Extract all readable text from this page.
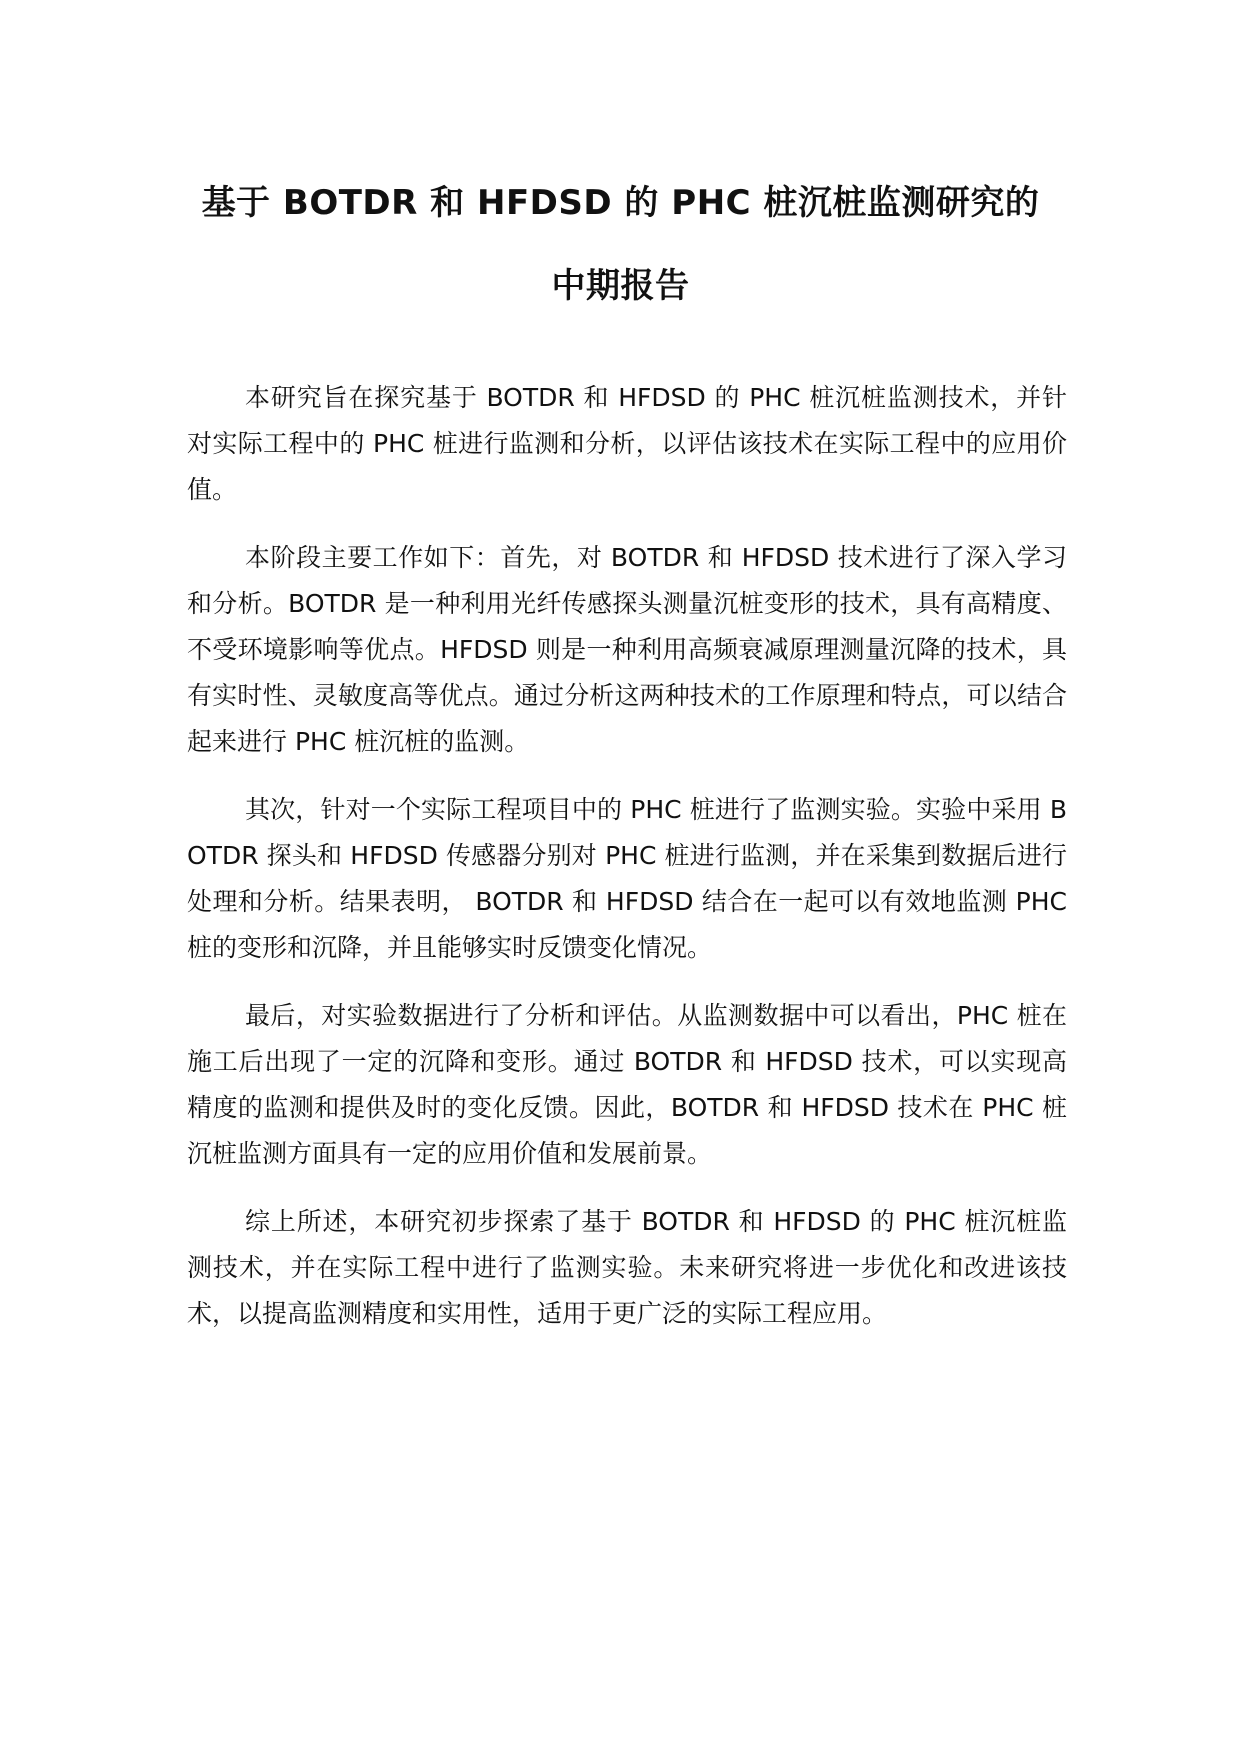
基于 BOTDR 和 HFDSD 的 PHC 桩沉桩监测研究的
中期报告

本研究旨在探究基于 BOTDR 和 HFDSD 的 PHC 桩沉桩监测技术，并针对实际工程中的 PHC 桩进行监测和分析，以评估该技术在实际工程中的应用价值。

本阶段主要工作如下：首先，对 BOTDR 和 HFDSD 技术进行了深入学习和分析。BOTDR 是一种利用光纤传感探头测量沉桩变形的技术，具有高精度、不受环境影响等优点。HFDSD 则是一种利用高频衰减原理测量沉降的技术，具有实时性、灵敏度高等优点。通过分析这两种技术的工作原理和特点，可以结合起来进行 PHC 桩沉桩的监测。

其次，针对一个实际工程项目中的 PHC 桩进行了监测实验。实验中采用 BOTDR 探头和 HFDSD 传感器分别对 PHC 桩进行监测，并在采集到数据后进行处理和分析。结果表明， BOTDR 和 HFDSD 结合在一起可以有效地监测 PHC 桩的变形和沉降，并且能够实时反馈变化情况。

最后，对实验数据进行了分析和评估。从监测数据中可以看出，PHC 桩在施工后出现了一定的沉降和变形。通过 BOTDR 和 HFDSD 技术，可以实现高精度的监测和提供及时的变化反馈。因此，BOTDR 和 HFDSD 技术在 PHC 桩沉桩监测方面具有一定的应用价值和发展前景。

综上所述，本研究初步探索了基于 BOTDR 和 HFDSD 的 PHC 桩沉桩监测技术，并在实际工程中进行了监测实验。未来研究将进一步优化和改进该技术，以提高监测精度和实用性，适用于更广泛的实际工程应用。
